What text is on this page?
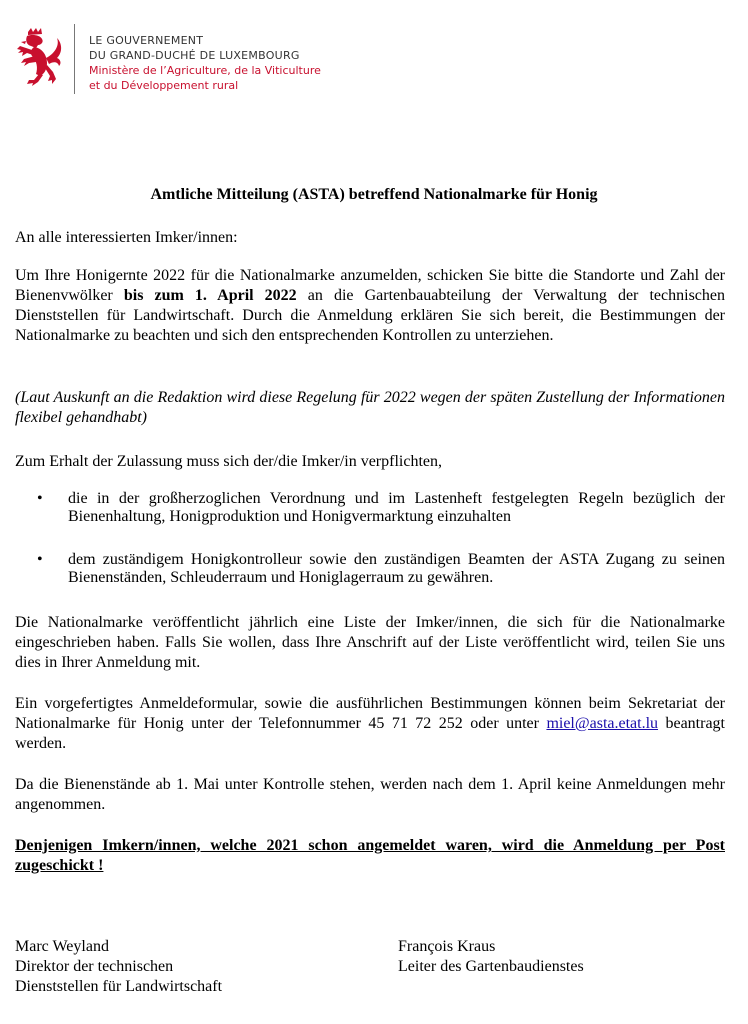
LE GOUVERNEMENT
DU GRAND-DUCHÉ DE LUXEMBOURG
Ministère de l’Agriculture, de la Viticulture
et du Développement rural
Amtliche Mitteilung (ASTA) betreffend Nationalmarke für Honig

An alle interessierten Imker/innen:

Um Ihre Honigernte 2022 für die Nationalmarke anzumelden, schicken Sie bitte die Standorte und Zahl der Bienenvwölker bis zum 1. April 2022 an die Gartenbauabteilung der Verwaltung der technischen Dienststellen für Landwirtschaft. Durch die Anmeldung erklären Sie sich bereit, die Bestimmungen der Nationalmarke zu beachten und sich den entsprechenden Kontrollen zu unterziehen.

(Laut Auskunft an die Redaktion wird diese Regelung für 2022 wegen der späten Zustellung der Informationen flexibel gehandhabt)

Zum Erhalt der Zulassung muss sich der/die Imker/in verpflichten,

• die in der großherzoglichen Verordnung und im Lastenheft festgelegten Regeln bezüglich der Bienenhaltung, Honigproduktion und Honigvermarktung einzuhalten

• dem zuständigem Honigkontrolleur sowie den zuständigen Beamten der ASTA Zugang zu seinen Bienenständen, Schleuderraum und Honiglagerraum zu gewähren.

Die Nationalmarke veröffentlicht jährlich eine Liste der Imker/innen, die sich für die Nationalmarke eingeschrieben haben. Falls Sie wollen, dass Ihre Anschrift auf der Liste veröffentlicht wird, teilen Sie uns dies in Ihrer Anmeldung mit.

Ein vorgefertigtes Anmeldeformular, sowie die ausführlichen Bestimmungen können beim Sekretariat der Nationalmarke für Honig unter der Telefonnummer 45 71 72 252 oder unter miel@asta.etat.lu beantragt werden.

Da die Bienenstände ab 1. Mai unter Kontrolle stehen, werden nach dem 1. April keine Anmeldungen mehr angenommen.

Denjenigen Imkern/innen, welche 2021 schon angemeldet waren, wird die Anmeldung per Post zugeschickt !

Marc Weyland
Direktor der technischen
Dienststellen für Landwirtschaft
François Kraus
Leiter des Gartenbaudienstes
